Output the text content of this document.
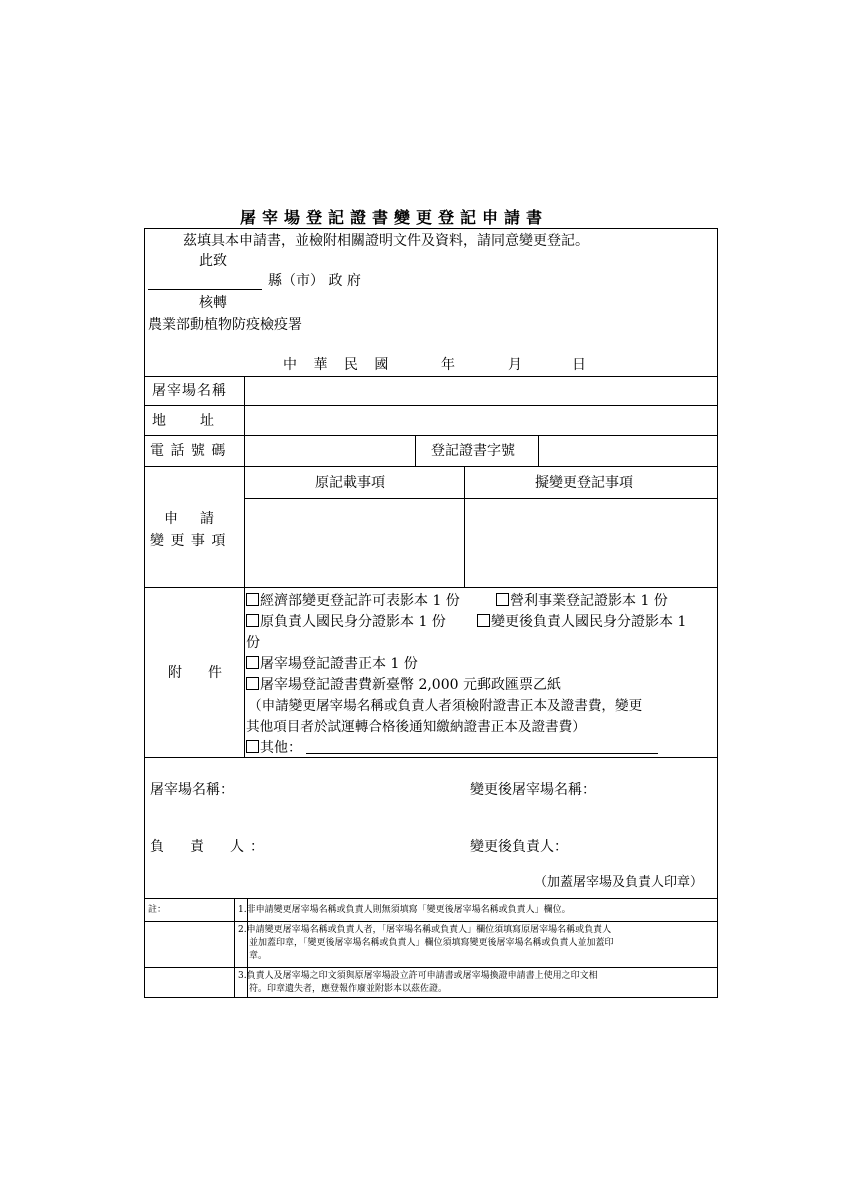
屠宰場登記證書變更登記申請書
茲填具本申請書，並檢附相關證明文件及資料，請同意變更登記。
此致
縣（市） 政 府
核轉
農業部動植物防疫檢疫署
中 華 民 國	年	月	日
屠宰場名稱
地　址
電 話 號 碼	登記證書字號
申　請
變 更 事 項
原記載事項	擬變更登記事項
附　件
經濟部變更登記許可表影本 1 份	營利事業登記證影本 1 份
原負責人國民身分證影本 1 份	變更後負責人國民身分證影本 1
份
屠宰場登記證書正本 1 份
屠宰場登記證書費新臺幣 2,000 元郵政匯票乙紙
（申請變更屠宰場名稱或負責人者須檢附證書正本及證書費，變更
其他項目者於試運轉合格後通知繳納證書正本及證書費）
其他：
屠宰場名稱：	變更後屠宰場名稱：
負　責　人：	變更後負責人：
（加蓋屠宰場及負責人印章）
註：	1.非申請變更屠宰場名稱或負責人則無須填寫「變更後屠宰場名稱或負責人」欄位。
2.申請變更屠宰場名稱或負責人者，「屠宰場名稱或負責人」欄位須填寫原屠宰場名稱或負責人
並加蓋印章，「變更後屠宰場名稱或負責人」欄位須填寫變更後屠宰場名稱或負責人並加蓋印
章。
3.負責人及屠宰場之印文須與原屠宰場設立許可申請書或屠宰場換證申請書上使用之印文相
符。印章遺失者，應登報作廢並附影本以茲佐證。
